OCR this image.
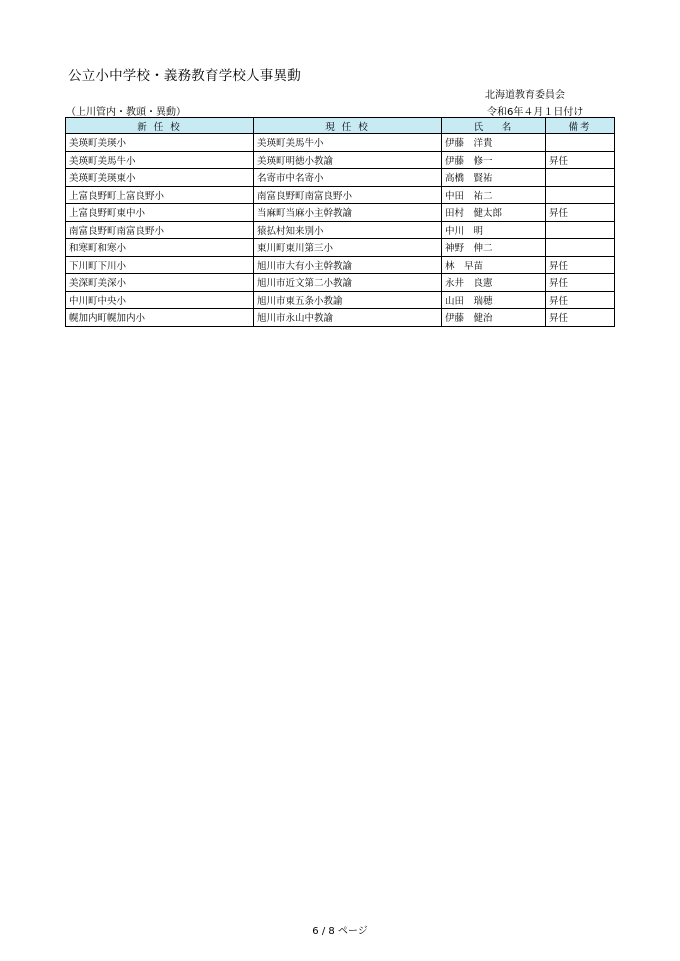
公立小中学校・義務教育学校人事異動
北海道教育委員会
（上川管内・教頭・異動）	令和6年４月１日付け
新 任 校	現 任 校	氏　 名	備考
美瑛町美瑛小	美瑛町美馬牛小	伊藤　洋貴	
美瑛町美馬牛小	美瑛町明徳小教諭	伊藤　修一	昇任
美瑛町美瑛東小	名寄市中名寄小	高橋　賢祐	
上富良野町上富良野小	南富良野町南富良野小	中田　祐二	
上富良野町東中小	当麻町当麻小主幹教諭	田村　健太郎	昇任
南富良野町南富良野小	猿払村知来別小	中川　明	
和寒町和寒小	東川町東川第三小	神野　伸二	
下川町下川小	旭川市大有小主幹教諭	林　早苗	昇任
美深町美深小	旭川市近文第二小教諭	永井　良憲	昇任
中川町中央小	旭川市東五条小教諭	山田　瑞穂	昇任
幌加内町幌加内小	旭川市永山中教諭	伊藤　健治	昇任
6 / 8 ページ
